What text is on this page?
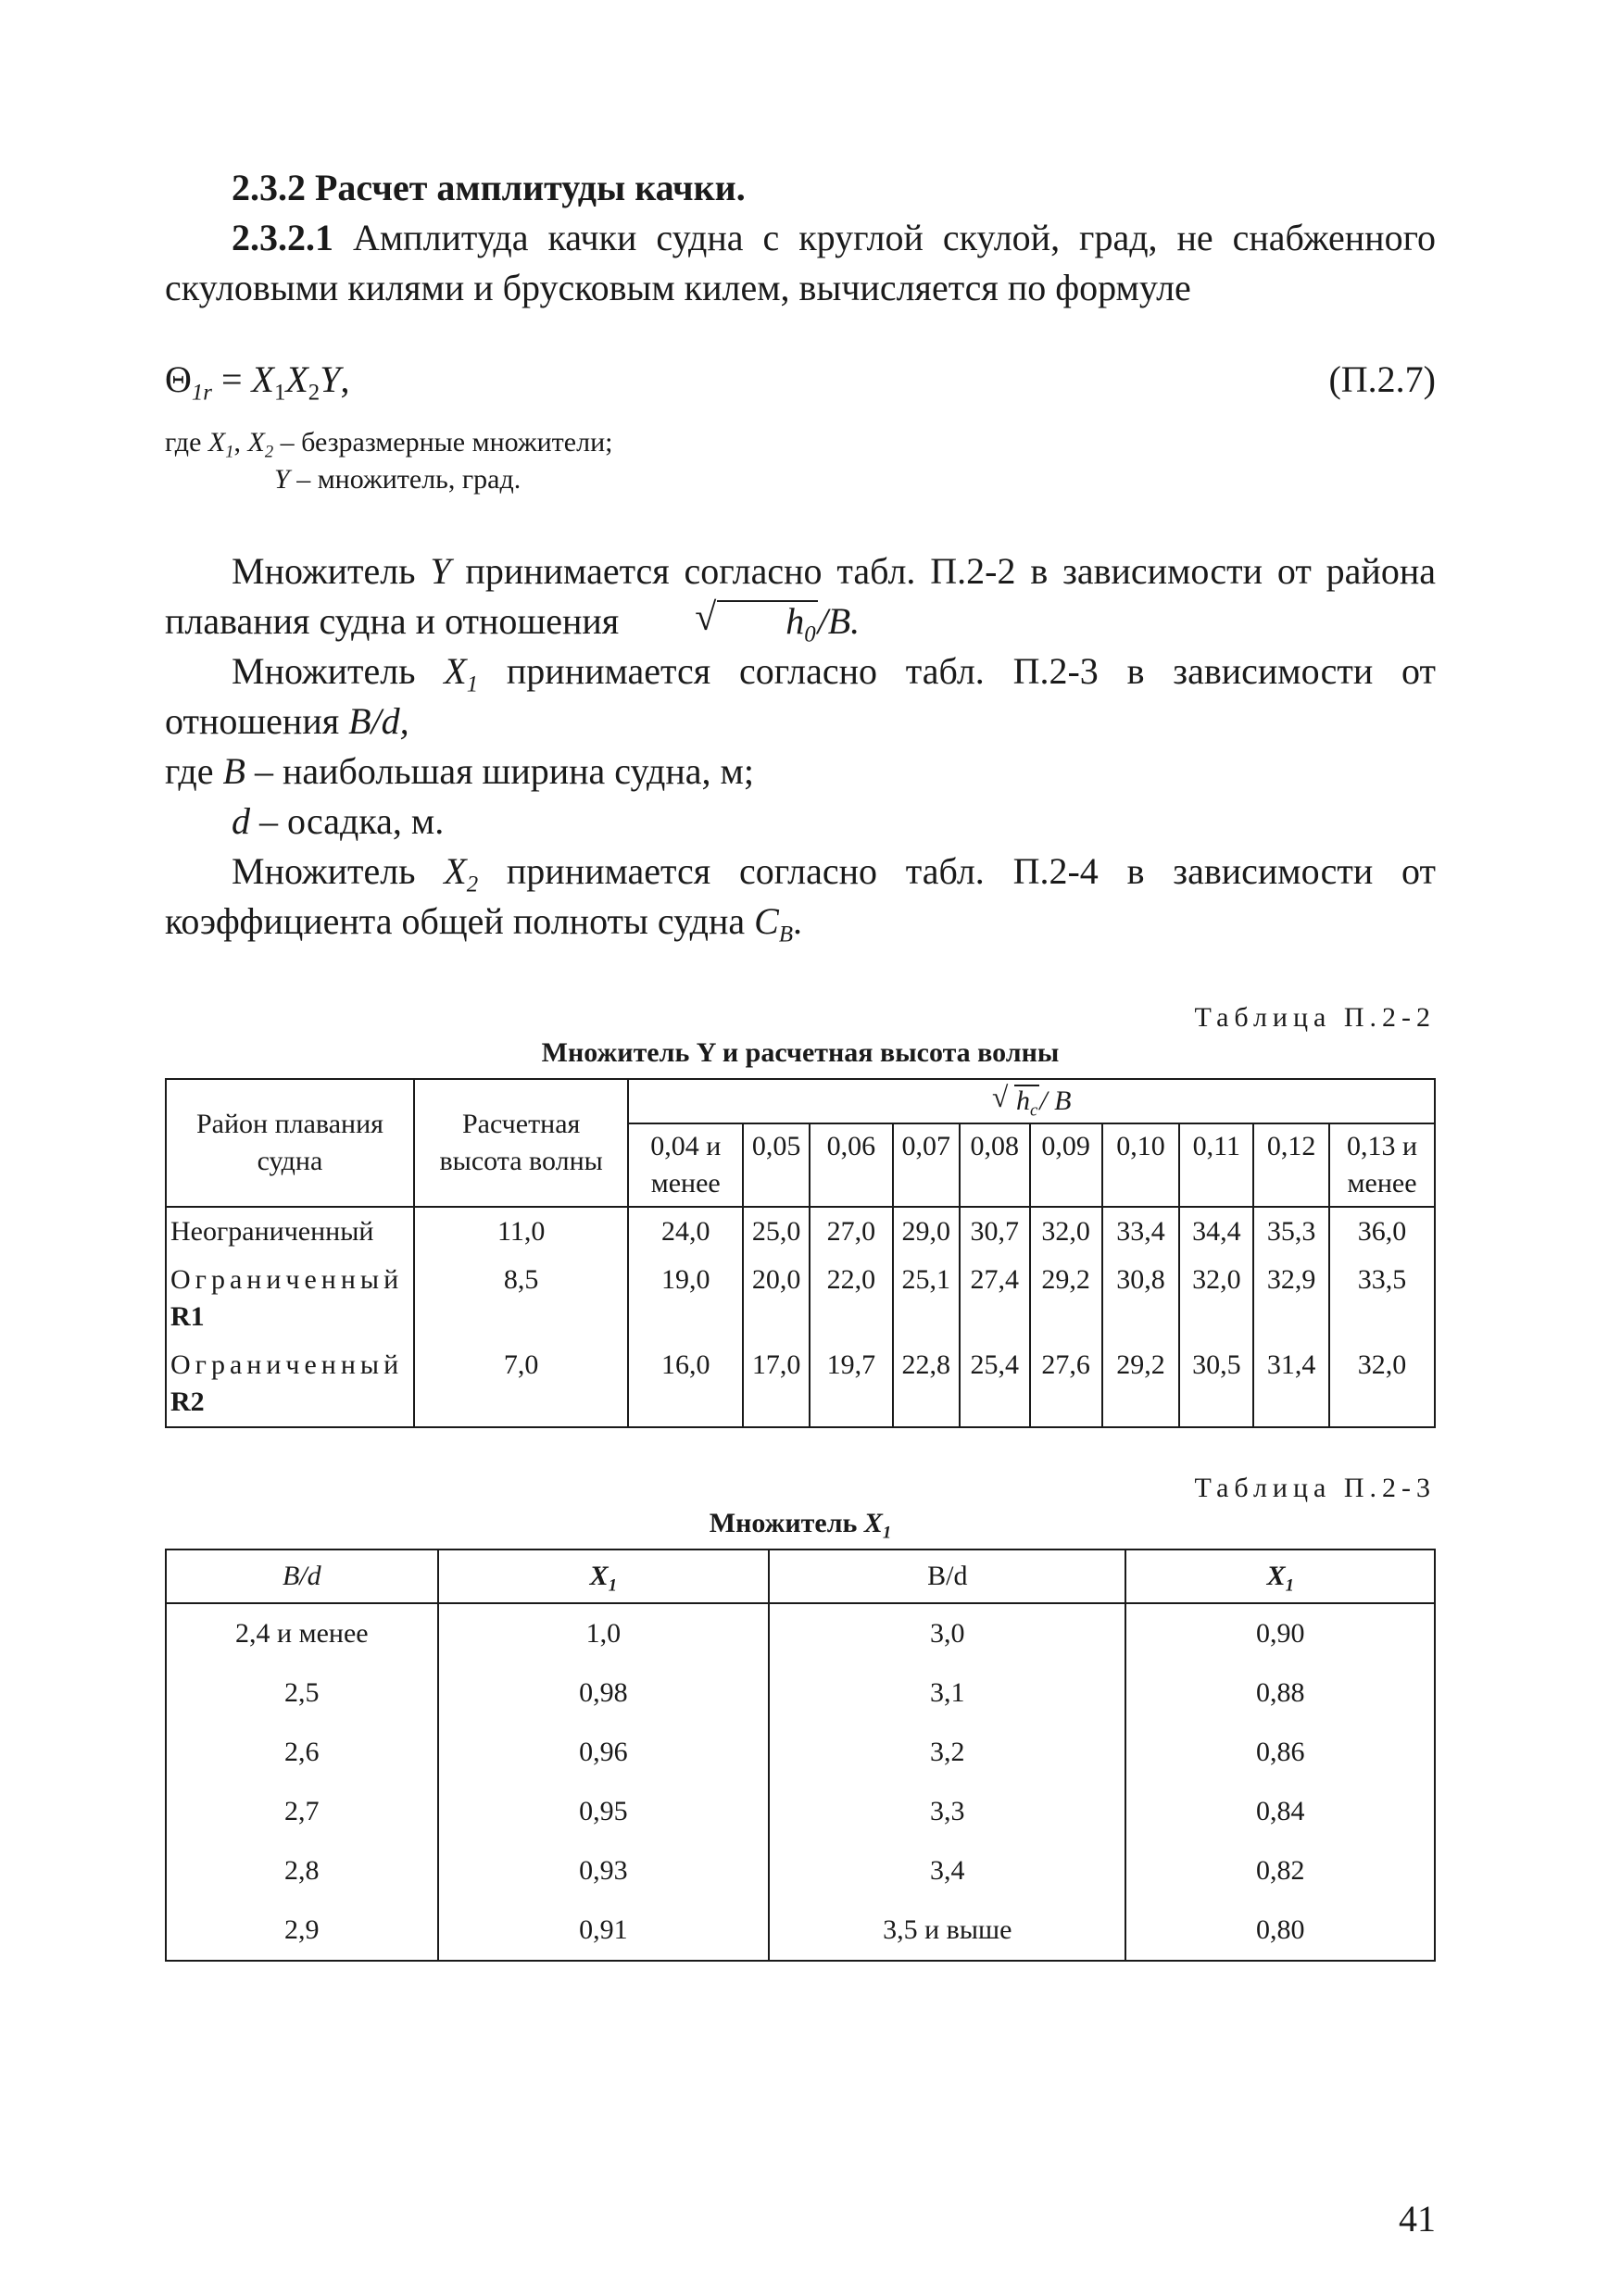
2.3.2 Расчет амплитуды качки.

2.3.2.1 Амплитуда качки судна с круглой скулой, град, не снабженного скуловыми килями и брусковым килем, вычисляется по формуле

$\Theta_{1r} = X_1X_2Y$,	(П.2.7)
где $X_1$, $X_2$ – безразмерные множители;
Y – множитель, град.

Множитель Y принимается согласно табл. П.2-2 в зависимости от района плавания судна и отношения	√ $h_0/B$.

Множитель $X_1$ принимается согласно табл. П.2-3 в зависимости от отношения B/d,

где B – наибольшая ширина судна, м;

d – осадка, м.

Множитель $X_2$ принимается согласно табл. П.2-4 в зависимости от коэффициента общей полноты судна $C_B$.

Таблица П.2-2
Множитель Y и расчетная высота волны
Район плавания судна	Расчетная высота волны	√ $h_c/$ B									
		0,04 и менее	0,05	0,06	0,07	0,08	0,09	0,10	0,11	0,12	0,13 и менее
Неограниченный	11,0	24,0	25,0	27,0	29,0	30,7	32,0	33,4	34,4	35,3	36,0

Ограниченный
R1	8,5	19,0	20,0	22,0	25,1	27,4	29,2	30,8	32,0	32,9	33,5

Ограниченный
R2	7,0	16,0	17,0	19,7	22,8	25,4	27,6	29,2	30,5	31,4	32,0
Таблица П.2-3
Множитель $X_1$
B/d	$X_1$	B/d	$X_1$
2,4 и менее	1,0	3,0	0,90
2,5	0,98	3,1	0,88
2,6	0,96	3,2	0,86
2,7	0,95	3,3	0,84
2,8	0,93	3,4	0,82
2,9	0,91	3,5 и выше	0,80
41
